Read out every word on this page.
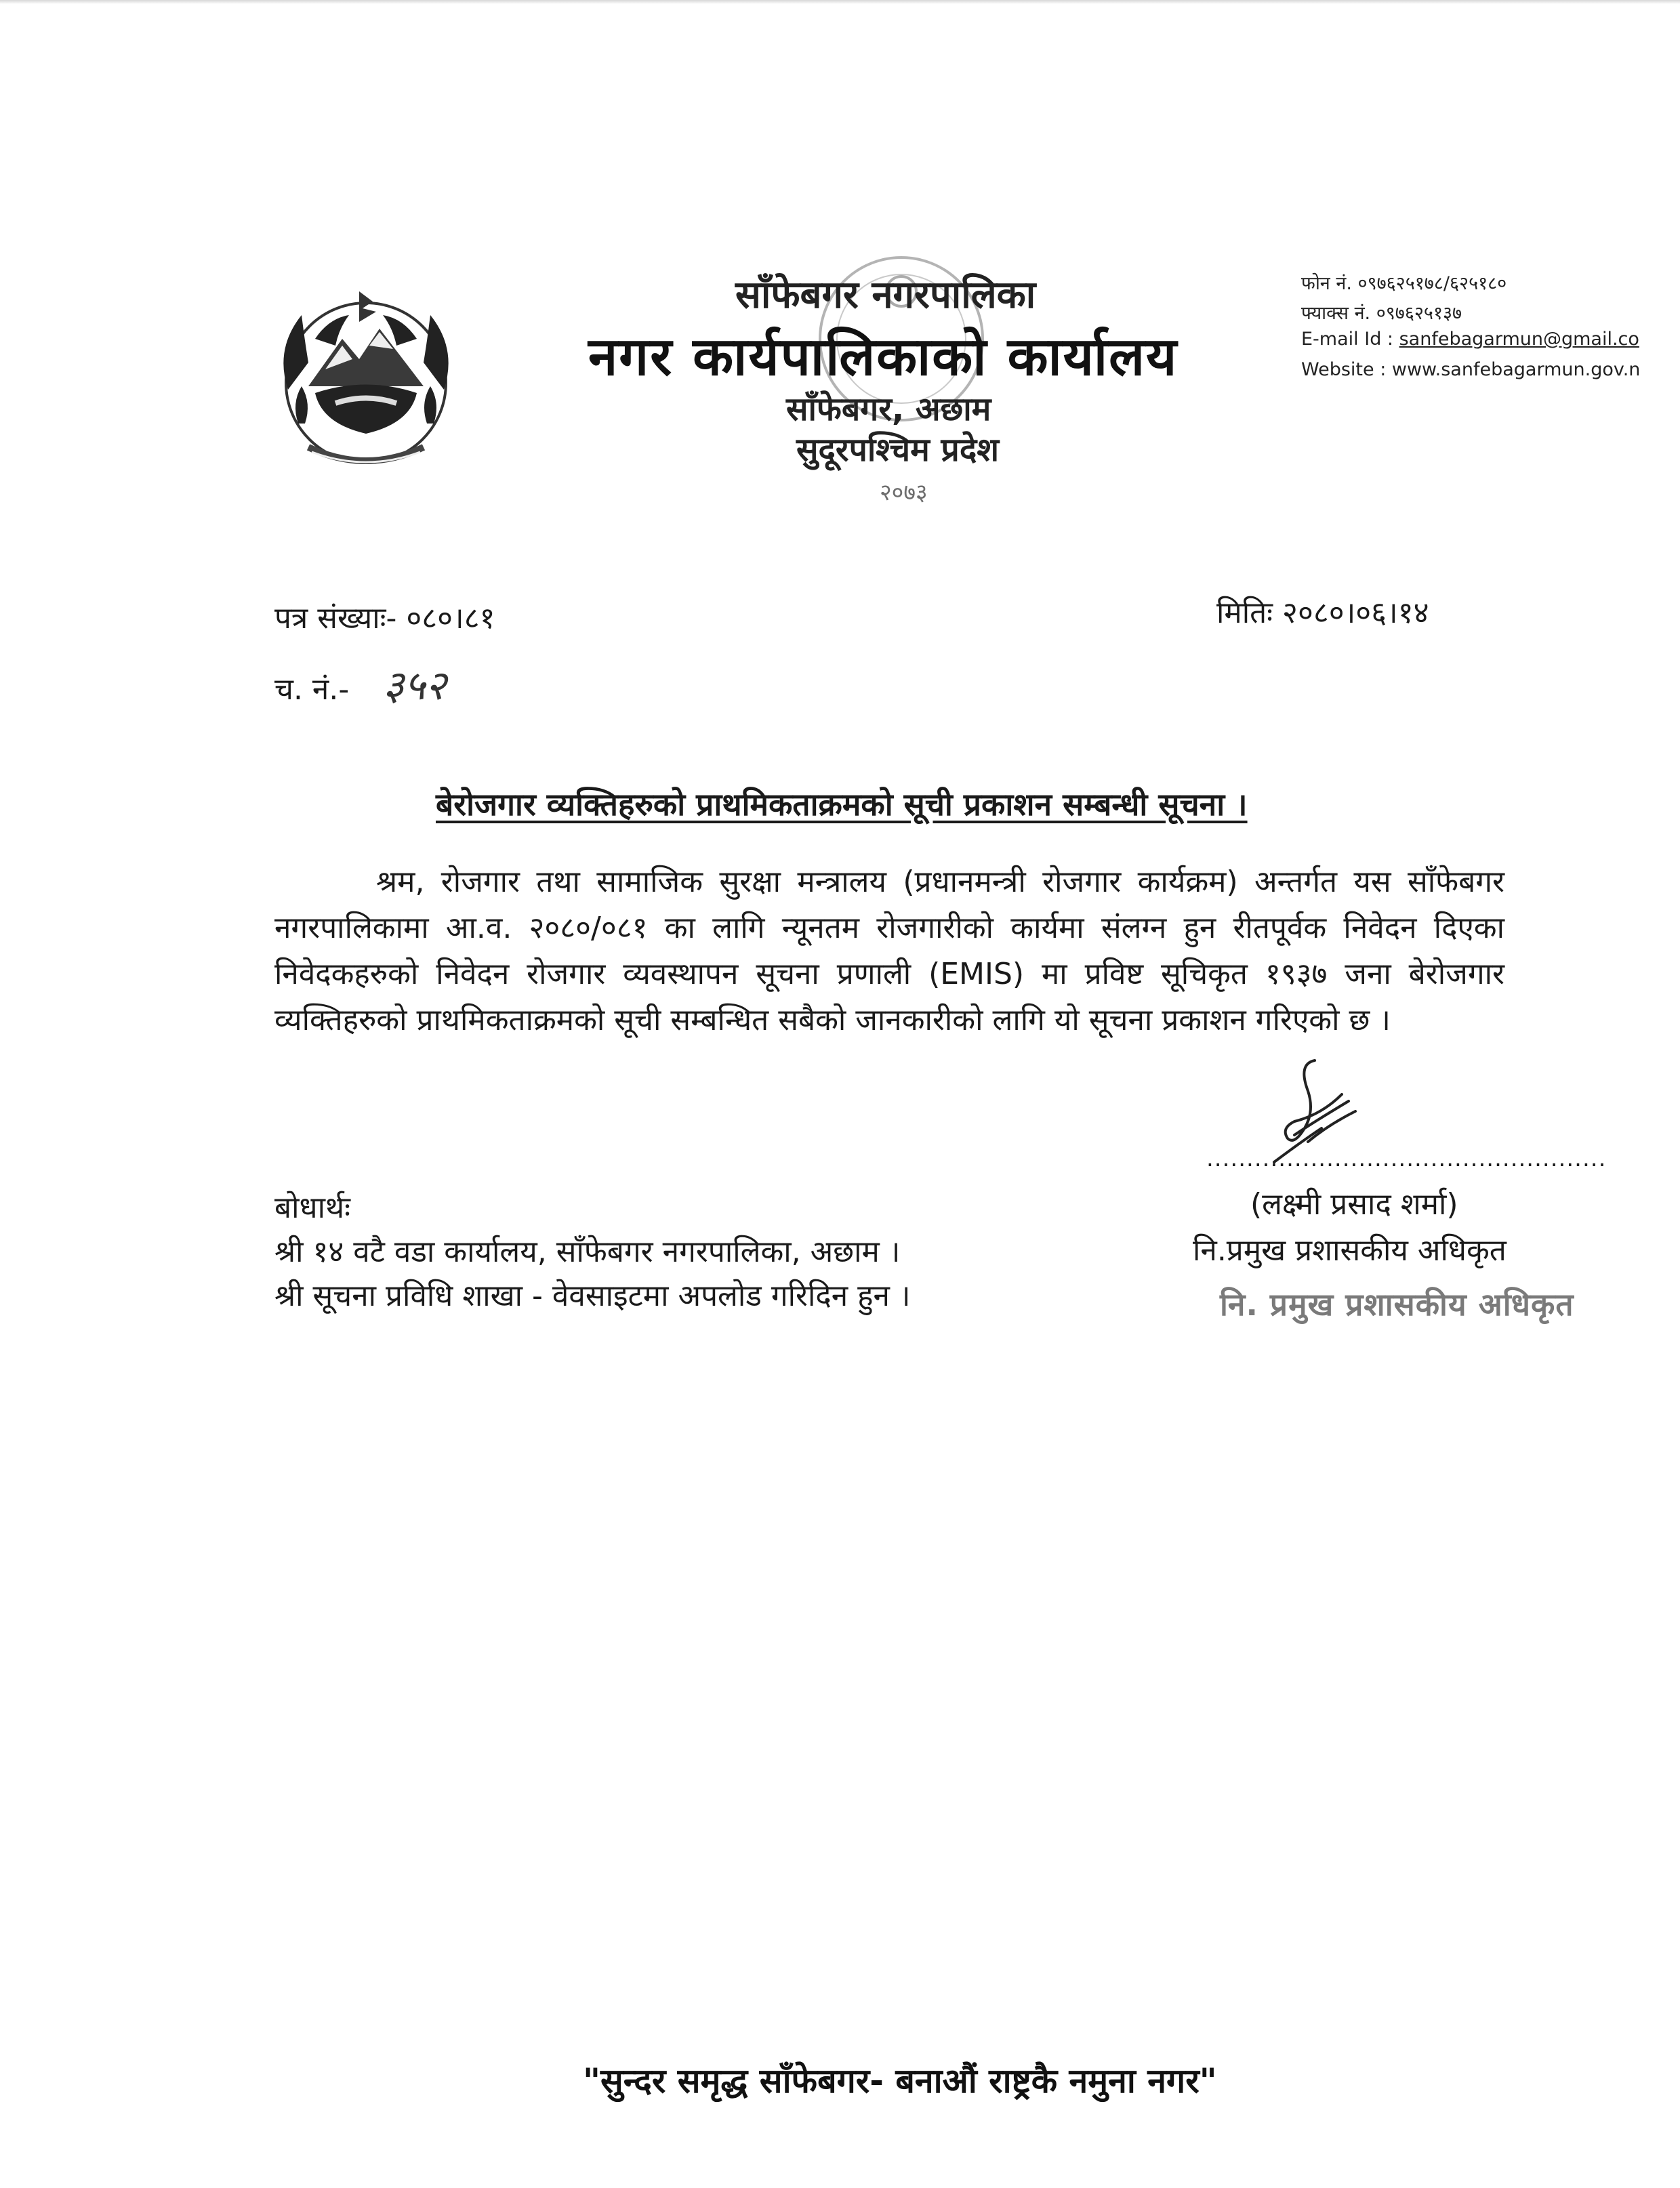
२०७३
साँफेबगर नगरपालिका
नगर कार्यपालिकाको कार्यालय
साँफेबगर, अछाम
सुदूरपश्चिम प्रदेश
फोन नं. ०९७६२५१७८/६२५१८०
फ्याक्स नं. ०९७६२५१३७
E-mail Id : sanfebagarmun@gmail.co
Website : www.sanfebagarmun.gov.n
पत्र संख्याः- ०८०।८१	मितिः २०८०।०६।१४
च. नं.- ३५२
बेरोजगार व्यक्तिहरुको प्राथमिकताक्रमको सूची प्रकाशन सम्बन्धी सूचना ।
श्रम, रोजगार तथा सामाजिक सुरक्षा मन्त्रालय (प्रधानमन्त्री रोजगार कार्यक्रम) अन्तर्गत यस साँफेबगर नगरपालिकामा आ.व. २०८०/०८१ का लागि न्यूनतम रोजगारीको कार्यमा संलग्न हुन रीतपूर्वक निवेदन दिएका निवेदकहरुको निवेदन रोजगार व्यवस्थापन सूचना प्रणाली (EMIS) मा प्रविष्ट सूचिकृत १९३७ जना बेरोजगार व्यक्तिहरुको प्राथमिकताक्रमको सूची सम्बन्धित सबैको जानकारीको लागि यो सूचना प्रकाशन गरिएको छ ।
..................................................
(लक्ष्मी प्रसाद शर्मा)
नि.प्रमुख प्रशासकीय अधिकृत
नि. प्रमुख प्रशासकीय अधिकृत
बोधार्थः
श्री १४ वटै वडा कार्यालय, साँफेबगर नगरपालिका, अछाम ।
श्री सूचना प्रविधि शाखा - वेवसाइटमा अपलोड गरिदिन हुन ।
"सुन्दर समृद्ध साँफेबगर- बनाऔं राष्ट्रकै नमुना नगर"
